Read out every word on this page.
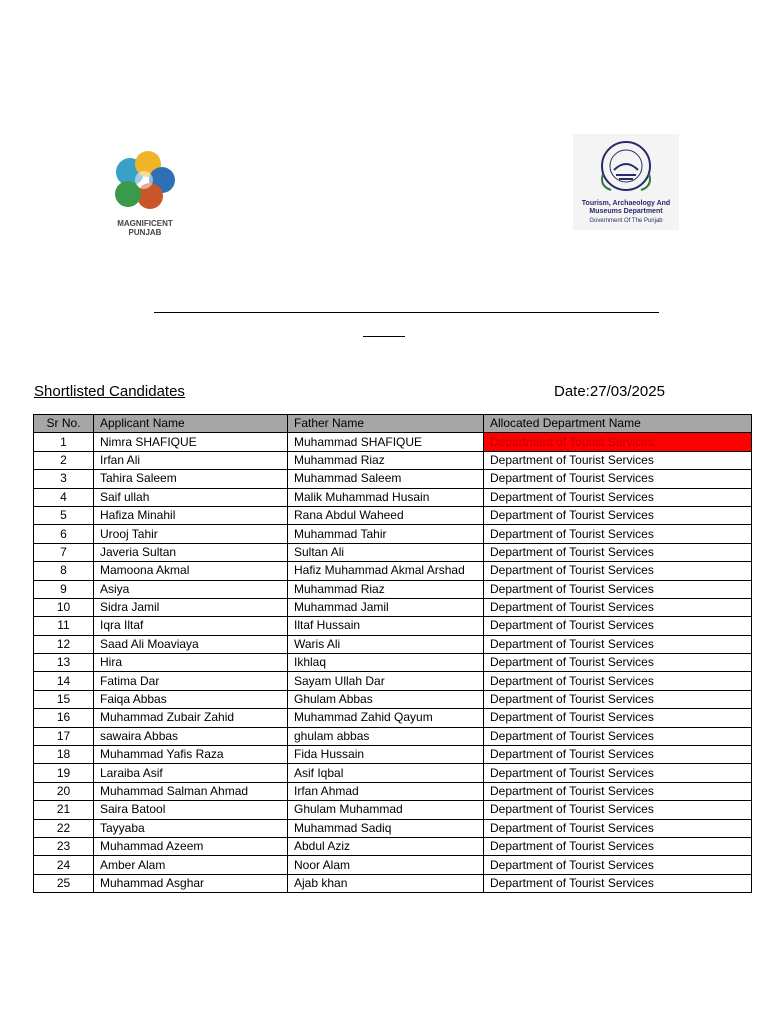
MAGNIFICENT
PUNJAB
Tourism, Archaeology And
Museums Department
Government Of The Punjab
Shortlisted Candidates	Date:27/03/2025
Sr No.	Applicant Name	Father Name	Allocated Department Name
1	Nimra SHAFIQUE	Muhammad SHAFIQUE	Department of Tourist Services
2	Irfan Ali	Muhammad Riaz	Department of Tourist Services
3	Tahira Saleem	Muhammad Saleem	Department of Tourist Services
4	Saif ullah	Malik Muhammad Husain	Department of Tourist Services
5	Hafiza Minahil	Rana Abdul Waheed	Department of Tourist Services
6	Urooj Tahir	Muhammad Tahir	Department of Tourist Services
7	Javeria Sultan	Sultan Ali	Department of Tourist Services
8	Mamoona Akmal	Hafiz Muhammad Akmal Arshad	Department of Tourist Services
9	Asiya	Muhammad Riaz	Department of Tourist Services
10	Sidra Jamil	Muhammad Jamil	Department of Tourist Services
11	Iqra Iltaf	Iltaf Hussain	Department of Tourist Services
12	Saad Ali Moaviaya	Waris Ali	Department of Tourist Services
13	Hira	Ikhlaq	Department of Tourist Services
14	Fatima Dar	Sayam Ullah Dar	Department of Tourist Services
15	Faiqa Abbas	Ghulam Abbas	Department of Tourist Services
16	Muhammad Zubair Zahid	Muhammad Zahid Qayum	Department of Tourist Services
17	sawaira Abbas	ghulam abbas	Department of Tourist Services
18	Muhammad Yafis Raza	Fida Hussain	Department of Tourist Services
19	Laraiba Asif	Asif Iqbal	Department of Tourist Services
20	Muhammad Salman Ahmad	Irfan Ahmad	Department of Tourist Services
21	Saira Batool	Ghulam Muhammad	Department of Tourist Services
22	Tayyaba	Muhammad Sadiq	Department of Tourist Services
23	Muhammad Azeem	Abdul Aziz	Department of Tourist Services
24	Amber Alam	Noor Alam	Department of Tourist Services
25	Muhammad Asghar	Ajab khan	Department of Tourist Services
